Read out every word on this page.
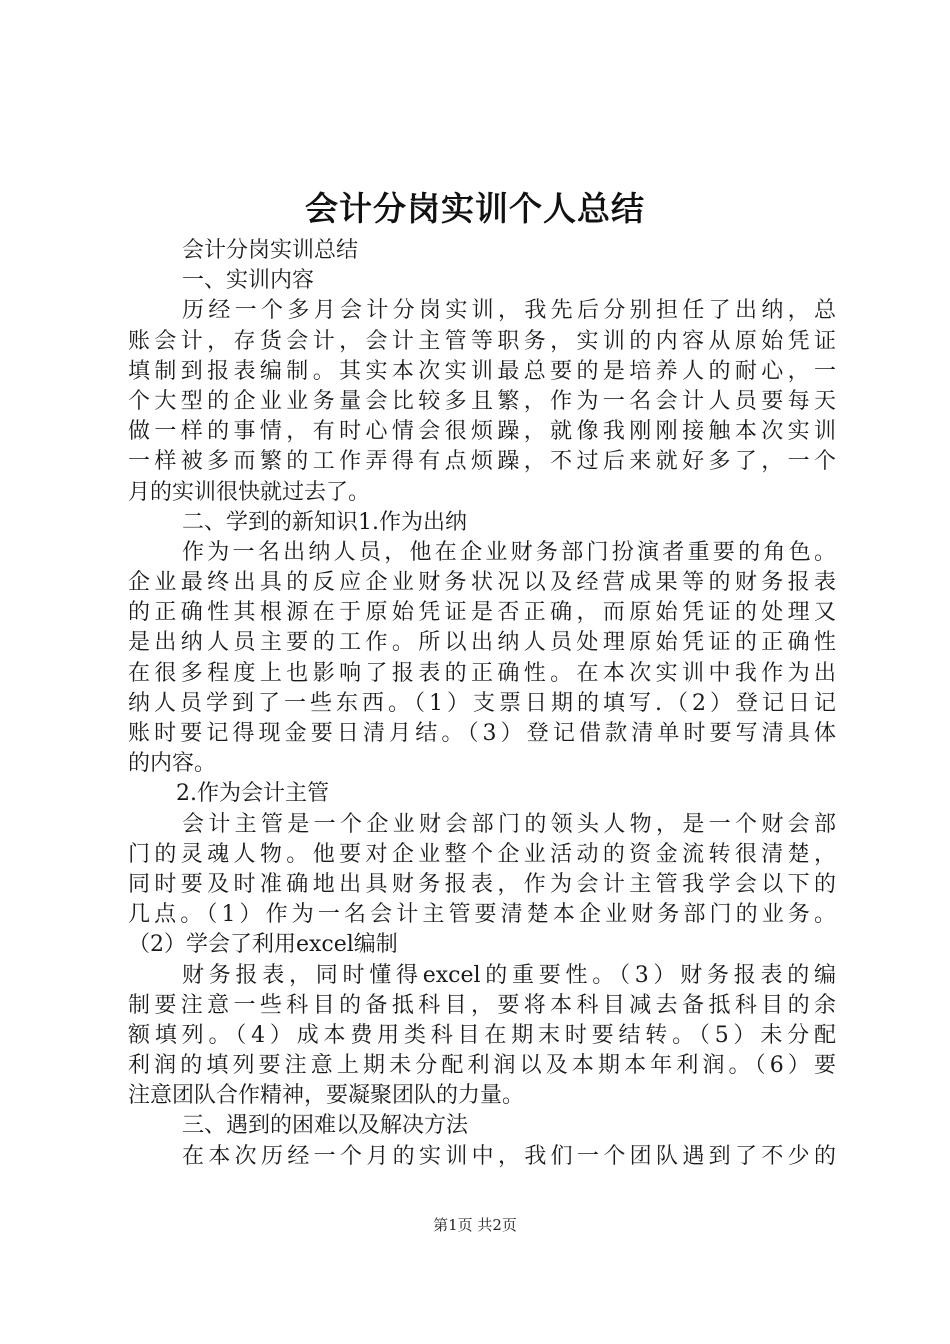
会计分岗实训个人总结
会计分岗实训总结
一、实训内容
历经一个多月会计分岗实训，我先后分别担任了出纳，总
账会计，存货会计，会计主管等职务，实训的内容从原始凭证
填制到报表编制。其实本次实训最总要的是培养人的耐心，一
个大型的企业业务量会比较多且繁，作为一名会计人员要每天
做一样的事情，有时心情会很烦躁，就像我刚刚接触本次实训
一样被多而繁的工作弄得有点烦躁，不过后来就好多了，一个
月的实训很快就过去了。
二、学到的新知识1.作为出纳
作为一名出纳人员，他在企业财务部门扮演者重要的角色。
企业最终出具的反应企业财务状况以及经营成果等的财务报表
的正确性其根源在于原始凭证是否正确，而原始凭证的处理又
是出纳人员主要的工作。所以出纳人员处理原始凭证的正确性
在很多程度上也影响了报表的正确性。在本次实训中我作为出
纳人员学到了一些东西。（1）支票日期的填写.（2）登记日记
账时要记得现金要日清月结。（3）登记借款清单时要写清具体
的内容。
2.作为会计主管
会计主管是一个企业财会部门的领头人物，是一个财会部
门的灵魂人物。他要对企业整个企业活动的资金流转很清楚，
同时要及时准确地出具财务报表，作为会计主管我学会以下的
几点。（1）作为一名会计主管要清楚本企业财务部门的业务。
（2）学会了利用excel编制
财务报表，同时懂得excel的重要性。（3）财务报表的编
制要注意一些科目的备抵科目，要将本科目减去备抵科目的余
额填列。（4）成本费用类科目在期末时要结转。（5）未分配
利润的填列要注意上期未分配利润以及本期本年利润。（6）要
注意团队合作精神，要凝聚团队的力量。
三、遇到的困难以及解决方法
在本次历经一个月的实训中，我们一个团队遇到了不少的
第1页 共2页
